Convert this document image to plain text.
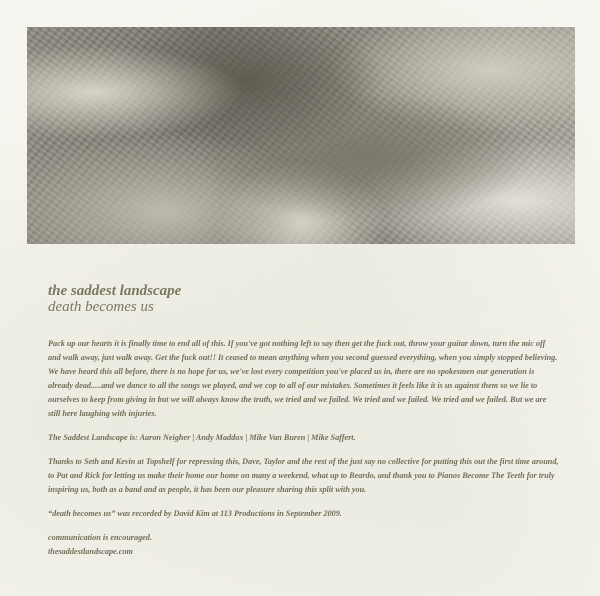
the saddest landscape

death becomes us

Pack up our hearts it is finally time to end all of this. If you've got nothing left to say then get the fuck out, throw your guitar down, turn the mic off and walk away, just walk away. Get the fuck out!! It ceased to mean anything when you second guessed everything, when you simply stopped believing. We have heard this all before, there is no hope for us, we've lost every competition you've placed us in, there are no spokesmen our generation is already dead.....and we dance to all the songs we played, and we cop to all of our mistakes. Sometimes it feels like it is us against them so we lie to ourselves to keep from giving in but we will always know the truth, we tried and we failed. We tried and we failed. We tried and we failed. But we are still here laughing with injuries.

The Saddest Landscape is: Aaron Neigher | Andy Maddox | Mike Van Buren | Mike Saffert.

Thanks to Seth and Kevin at Topshelf for repressing this, Dave, Taylor and the rest of the just say no collective for putting this out the first time around, to Pat and Rick for letting us make their home our home on many a weekend, what up to Beardo, and thank you to Pianos Become The Teeth for truly inspiring us, both as a band and as people, it has been our pleasure sharing this split with you.

“death becomes us” was recorded by David Kim at 113 Productions in September 2009.

communication is encouraged.

thesaddestlandscape.com
